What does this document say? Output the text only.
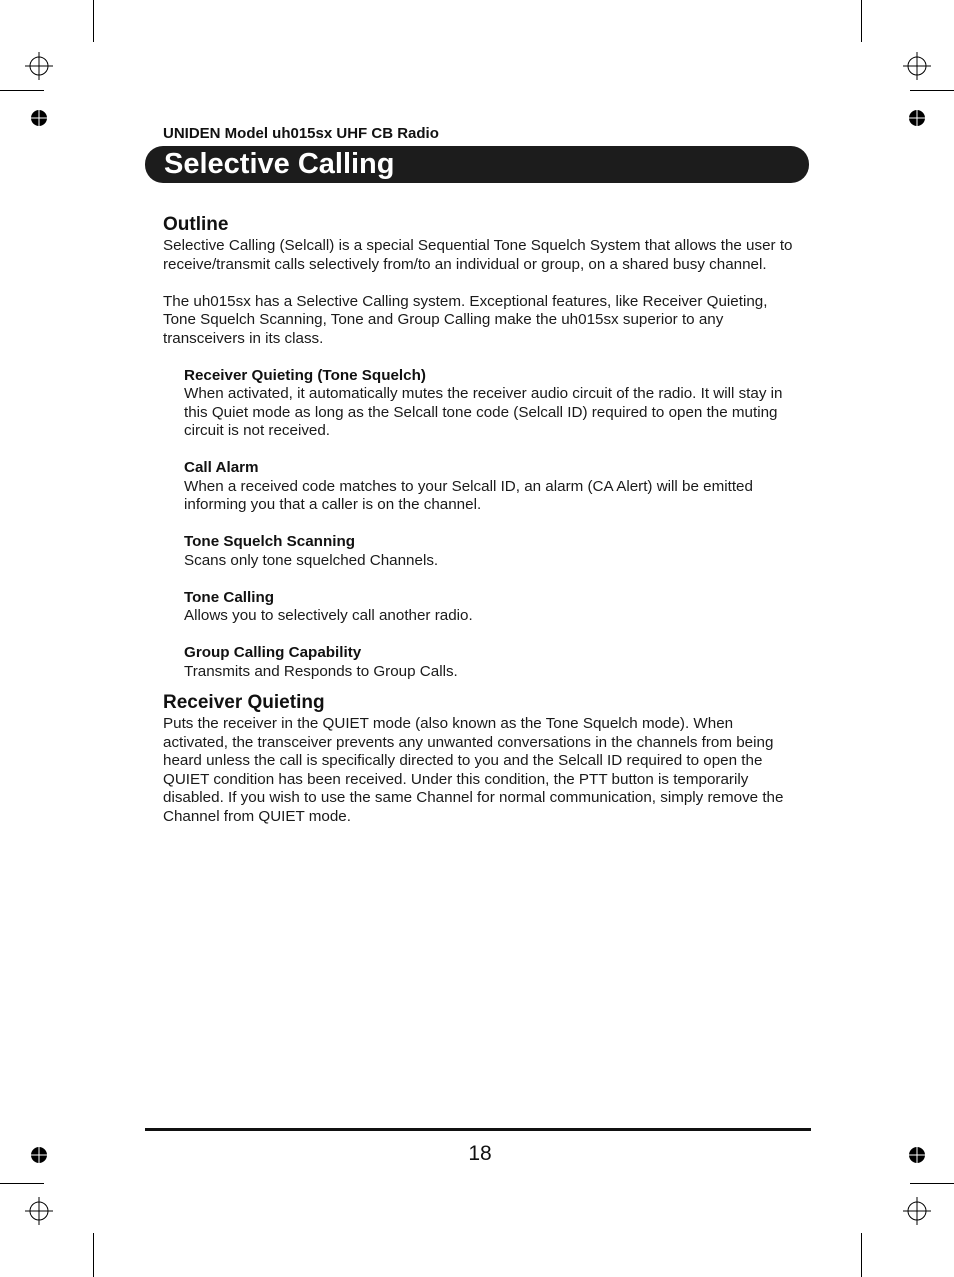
UNIDEN Model uh015sx UHF CB Radio
Selective Calling
Outline

Selective Calling (Selcall) is a special Sequential Tone Squelch System that allows the user to receive/transmit calls selectively from/to an individual or group, on a shared busy channel.

The uh015sx has a Selective Calling system. Exceptional features, like Receiver Quieting, Tone Squelch Scanning, Tone and Group Calling make the uh015sx superior to any transceivers in its class.

Receiver Quieting (Tone Squelch)

When activated, it automatically mutes the receiver audio circuit of the radio. It will stay in this Quiet mode as long as the Selcall tone code (Selcall ID) required to open the muting circuit is not received.

Call Alarm

When a received code matches to your Selcall ID, an alarm (CA Alert) will be emitted informing you that a caller is on the channel.

Tone Squelch Scanning

Scans only tone squelched Channels.

Tone Calling

Allows you to selectively call another radio.

Group Calling Capability

Transmits and Responds to Group Calls.

Receiver Quieting

Puts the receiver in the QUIET mode (also known as the Tone Squelch mode). When activated, the transceiver prevents any unwanted conversations in the channels from being heard unless the call is specifically directed to you and the Selcall ID required to open the QUIET condition has been received. Under this condition, the PTT button is temporarily disabled. If you wish to use the same Channel for normal communication, simply remove the Channel from QUIET mode.

18
